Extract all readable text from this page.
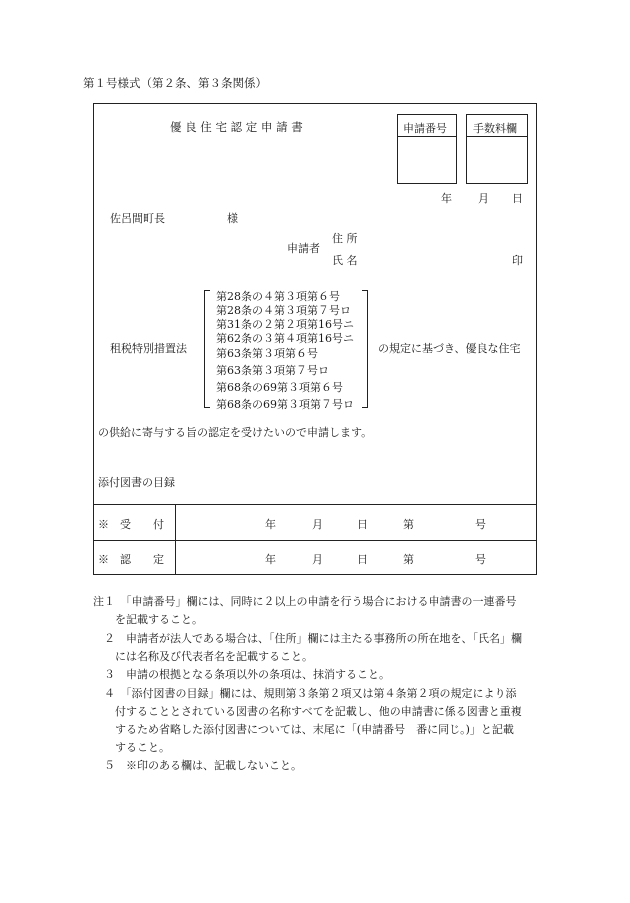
第１号様式（第２条、第３条関係）
優 良 住 宅 認 定 申 請 書	申請番号 手数料欄
年 月 日
佐呂間町長	様
申請者
住 所
氏 名	印
租税特別措置法
第28条の４第３項第６号
第28条の４第３項第７号ロ
第31条の２第２項第16号ニ
第62条の３第４項第16号ニ
第63条第３項第６号
第63条第３項第７号ロ
第68条の69第３項第６号
第68条の69第３項第７号ロ
の規定に基づき、優良な住宅
の供給に寄与する旨の認定を受けたいので申請します。
添付図書の目録
※　受　　付	年	月	日	第	号
※　認　　定	年	月	日	第	号
注１　「申請番号」欄には、同時に２以上の申請を行う場合における申請書の一連番号
　　を記載すること。
　２　申請者が法人である場合は、「住所」欄には主たる事務所の所在地を、「氏名」欄
　　には名称及び代表者名を記載すること。
　３　申請の根拠となる条項以外の条項は、抹消すること。
　４　「添付図書の目録」欄には、規則第３条第２項又は第４条第２項の規定により添
　　付することとされている図書の名称すべてを記載し、他の申請書に係る図書と重複
　　するため省略した添付図書については、末尾に「(申請番号　番に同じ。)」と記載
　　すること。
　５　※印のある欄は、記載しないこと。
